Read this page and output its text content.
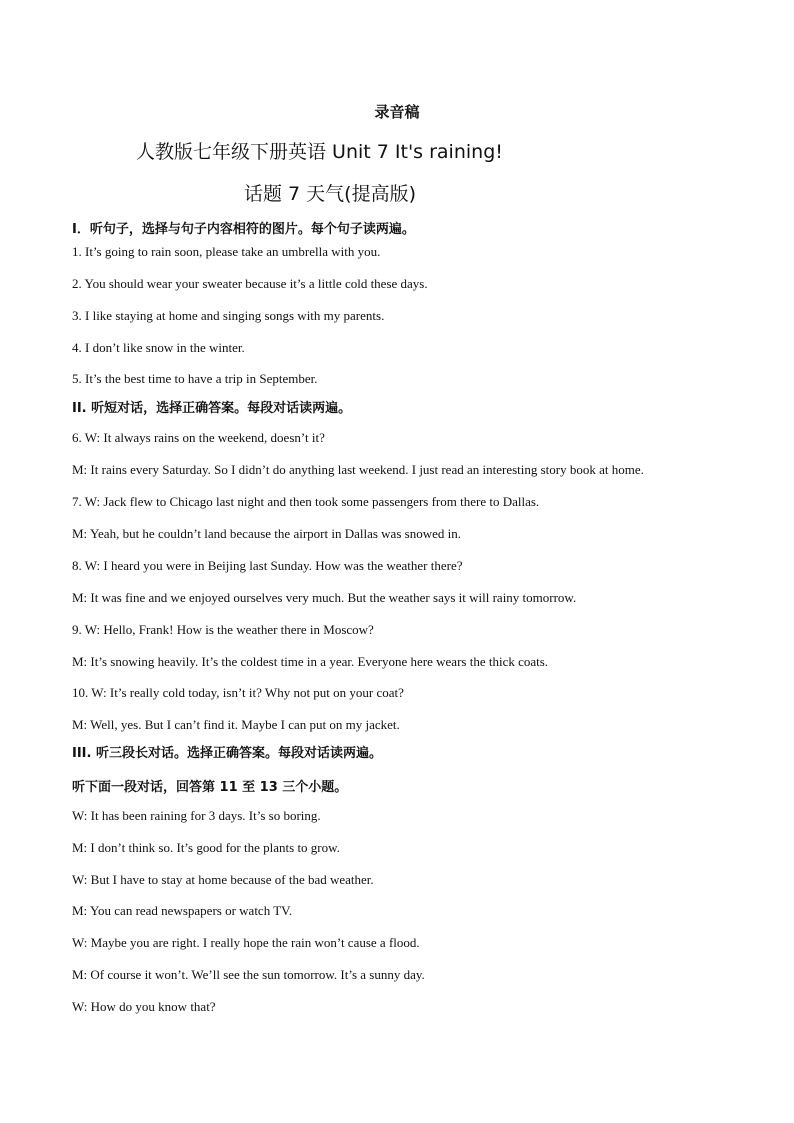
录音稿
人教版七年级下册英语 Unit 7 It's raining!
话题 7 天气(提高版)
I．听句子，选择与句子内容相符的图片。每个句子读两遍。
1. It’s going to rain soon, please take an umbrella with you.
2. You should wear your sweater because it’s a little cold these days.
3. I like staying at home and singing songs with my parents.
4. I don’t like snow in the winter.
5. It’s the best time to have a trip in September.
II. 听短对话，选择正确答案。每段对话读两遍。
6. W: It always rains on the weekend, doesn’t it?
M: It rains every Saturday. So I didn’t do anything last weekend. I just read an interesting story book at home.
7. W: Jack flew to Chicago last night and then took some passengers from there to Dallas.
M: Yeah, but he couldn’t land because the airport in Dallas was snowed in.
8. W: I heard you were in Beijing last Sunday. How was the weather there?
M: It was fine and we enjoyed ourselves very much. But the weather says it will rainy tomorrow.
9. W: Hello, Frank! How is the weather there in Moscow?
M: It’s snowing heavily. It’s the coldest time in a year. Everyone here wears the thick coats.
10. W: It’s really cold today, isn’t it? Why not put on your coat?
M: Well, yes. But I can’t find it. Maybe I can put on my jacket.
III. 听三段长对话。选择正确答案。每段对话读两遍。
听下面一段对话，回答第 11 至 13 三个小题。
W: It has been raining for 3 days. It’s so boring.
M: I don’t think so. It’s good for the plants to grow.
W: But I have to stay at home because of the bad weather.
M: You can read newspapers or watch TV.
W: Maybe you are right. I really hope the rain won’t cause a flood.
M: Of course it won’t. We’ll see the sun tomorrow. It’s a sunny day.
W: How do you know that?
